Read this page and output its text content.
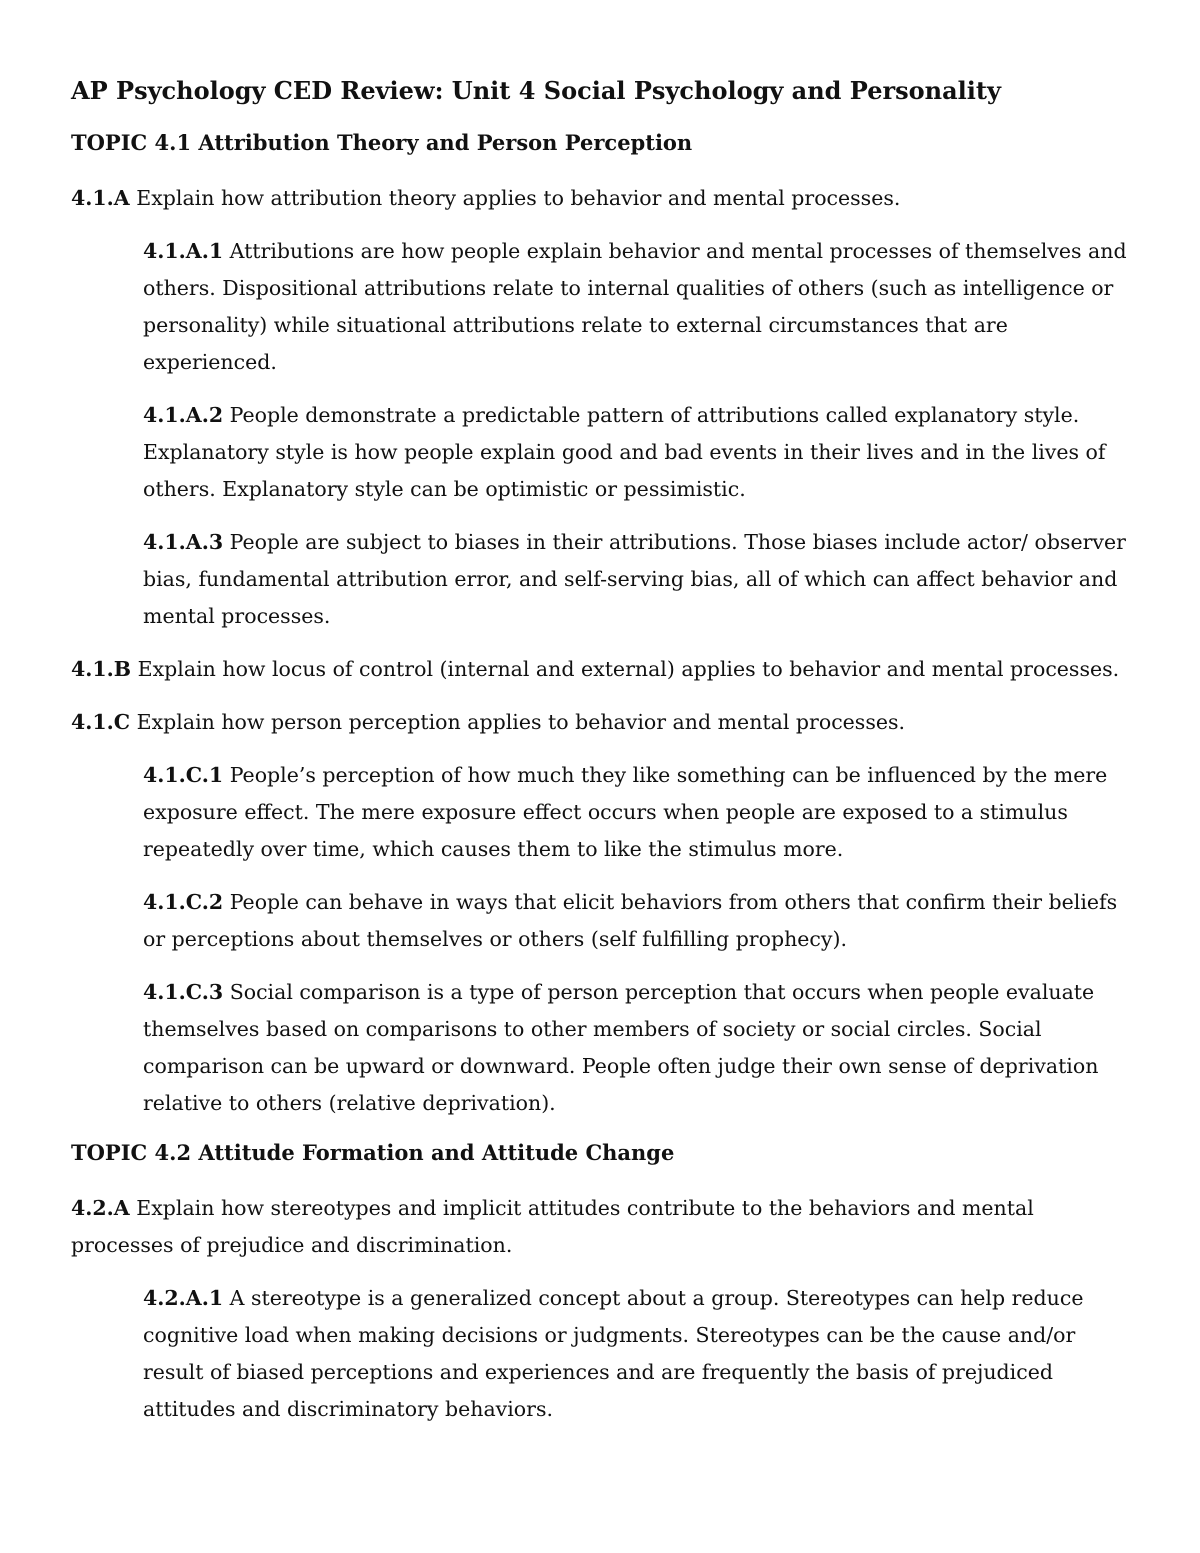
AP Psychology CED Review: Unit 4 Social Psychology and Personality
TOPIC 4.1 Attribution Theory and Person Perception

4.1.A Explain how attribution theory applies to behavior and mental processes.

4.1.A.1 Attributions are how people explain behavior and mental processes of themselves and others. Dispositional attributions relate to internal qualities of others (such as intelligence or personality) while situational attributions relate to external circumstances that are experienced.

4.1.A.2 People demonstrate a predictable pattern of attributions called explanatory style. Explanatory style is how people explain good and bad events in their lives and in the lives of others. Explanatory style can be optimistic or pessimistic.

4.1.A.3 People are subject to biases in their attributions. Those biases include actor/ observer bias, fundamental attribution error, and self-serving bias, all of which can affect behavior and mental processes.

4.1.B Explain how locus of control (internal and external) applies to behavior and mental processes.

4.1.C Explain how person perception applies to behavior and mental processes.

4.1.C.1 People’s perception of how much they like something can be influenced by the mere exposure effect. The mere exposure effect occurs when people are exposed to a stimulus repeatedly over time, which causes them to like the stimulus more.

4.1.C.2 People can behave in ways that elicit behaviors from others that confirm their beliefs or perceptions about themselves or others (self fulfilling prophecy).

4.1.C.3 Social comparison is a type of person perception that occurs when people evaluate themselves based on comparisons to other members of society or social circles. Social comparison can be upward or downward. People often judge their own sense of deprivation relative to others (relative deprivation).

TOPIC 4.2 Attitude Formation and Attitude Change

4.2.A Explain how stereotypes and implicit attitudes contribute to the behaviors and mental processes of prejudice and discrimination.

4.2.A.1 A stereotype is a generalized concept about a group. Stereotypes can help reduce cognitive load when making decisions or judgments. Stereotypes can be the cause and/or result of biased perceptions and experiences and are frequently the basis of prejudiced attitudes and discriminatory behaviors.
